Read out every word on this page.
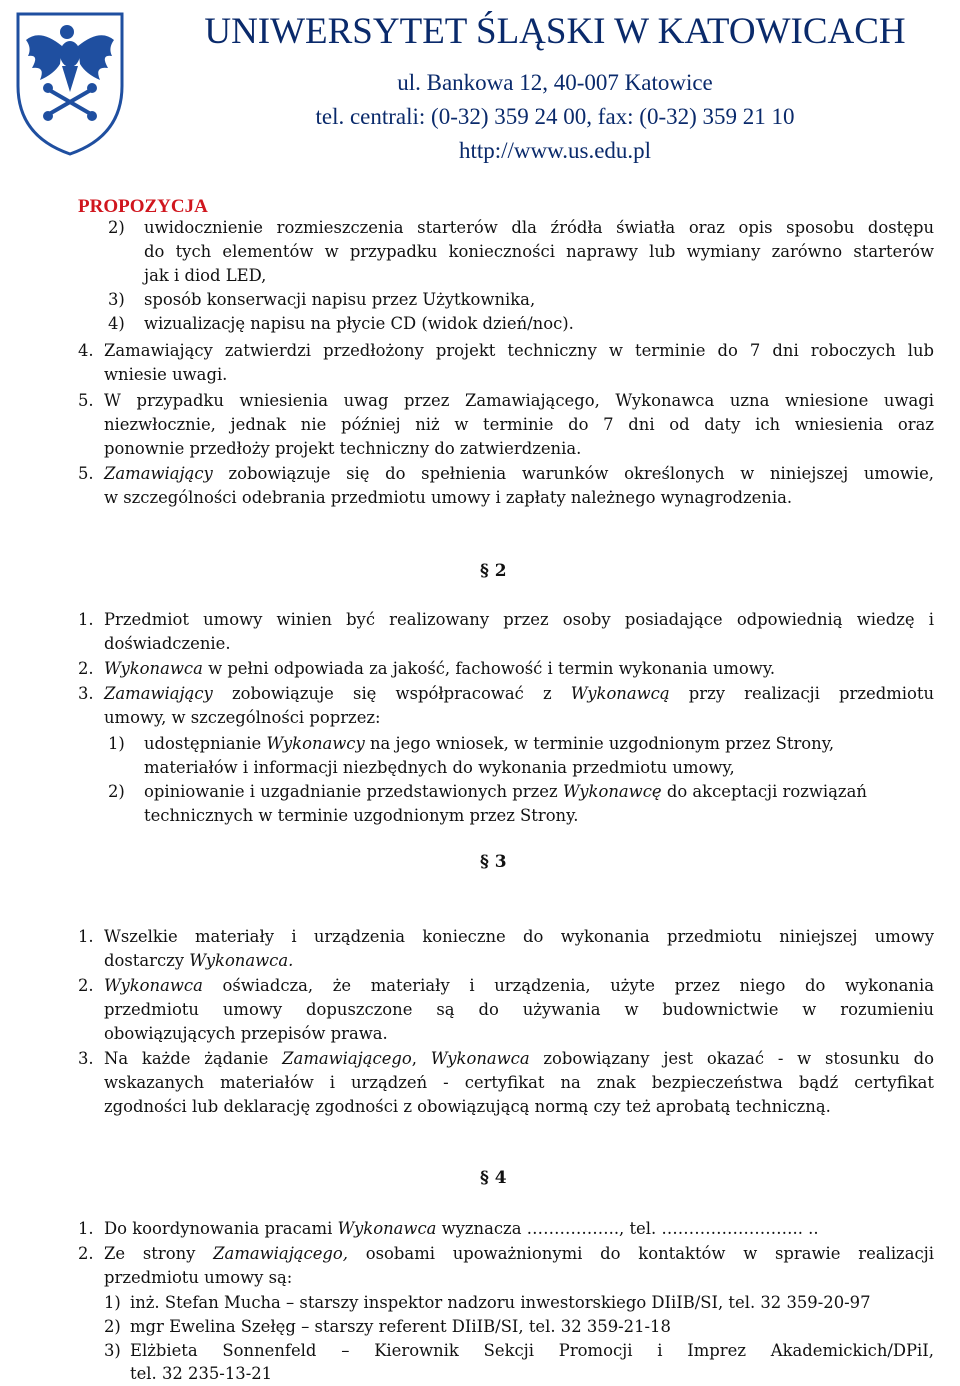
UNIWERSYTET ŚLĄSKI W KATOWICACH
ul. Bankowa 12, 40-007 Katowice
tel. centrali: (0-32) 359 24 00, fax: (0-32) 359 21 10
http://www.us.edu.pl
PROPOZYCJA
2) uwidocznienie rozmieszczenia starterów dla źródła światła oraz opis sposobu dostępu
do tych elementów w przypadku konieczności naprawy lub wymiany zarówno starterów
jak i diod LED,
3) sposób konserwacji napisu przez Użytkownika,
4) wizualizację napisu na płycie CD (widok dzień/noc).
4. Zamawiający zatwierdzi przedłożony projekt techniczny w terminie do 7 dni roboczych lub
wniesie uwagi.
5. W przypadku wniesienia uwag przez Zamawiającego, Wykonawca uzna wniesione uwagi
niezwłocznie, jednak nie później niż w terminie do 7 dni od daty ich wniesienia oraz
ponownie przedłoży projekt techniczny do zatwierdzenia.
5. Zamawiający zobowiązuje się do spełnienia warunków określonych w niniejszej umowie,
w szczególności odebrania przedmiotu umowy i zapłaty należnego wynagrodzenia.
§ 2
1. Przedmiot umowy winien być realizowany przez osoby posiadające odpowiednią wiedzę i
doświadczenie.
2. Wykonawca w pełni odpowiada za jakość, fachowość i termin wykonania umowy.
3. Zamawiający zobowiązuje się współpracować z Wykonawcą przy realizacji przedmiotu
umowy, w szczególności poprzez:
1) udostępnianie Wykonawcy na jego wniosek, w terminie uzgodnionym przez Strony,
materiałów i informacji niezbędnych do wykonania przedmiotu umowy,
2) opiniowanie i uzgadnianie przedstawionych przez Wykonawcę do akceptacji rozwiązań
technicznych w terminie uzgodnionym przez Strony.
§ 3
1. Wszelkie materiały i urządzenia konieczne do wykonania przedmiotu niniejszej umowy
dostarczy Wykonawca.
2. Wykonawca oświadcza, że materiały i urządzenia, użyte przez niego do wykonania
przedmiotu umowy dopuszczone są do używania w budownictwie w rozumieniu
obowiązujących przepisów prawa.
3. Na każde żądanie Zamawiającego, Wykonawca zobowiązany jest okazać - w stosunku do
wskazanych materiałów i urządzeń - certyfikat na znak bezpieczeństwa bądź certyfikat
zgodności lub deklarację zgodności z obowiązującą normą czy też aprobatą techniczną.
§ 4
1. Do koordynowania pracami Wykonawca wyznacza …………….., tel. …………………….. ..
2. Ze strony Zamawiającego, osobami upoważnionymi do kontaktów w sprawie realizacji
przedmiotu umowy są:
1) inż. Stefan Mucha – starszy inspektor nadzoru inwestorskiego DIiIB/SI, tel. 32 359-20-97
2) mgr Ewelina Szełęg – starszy referent DIiIB/SI, tel. 32 359-21-18
3) Elżbieta Sonnenfeld – Kierownik Sekcji Promocji i Imprez Akademickich/DPiI,
tel. 32 235-13-21
